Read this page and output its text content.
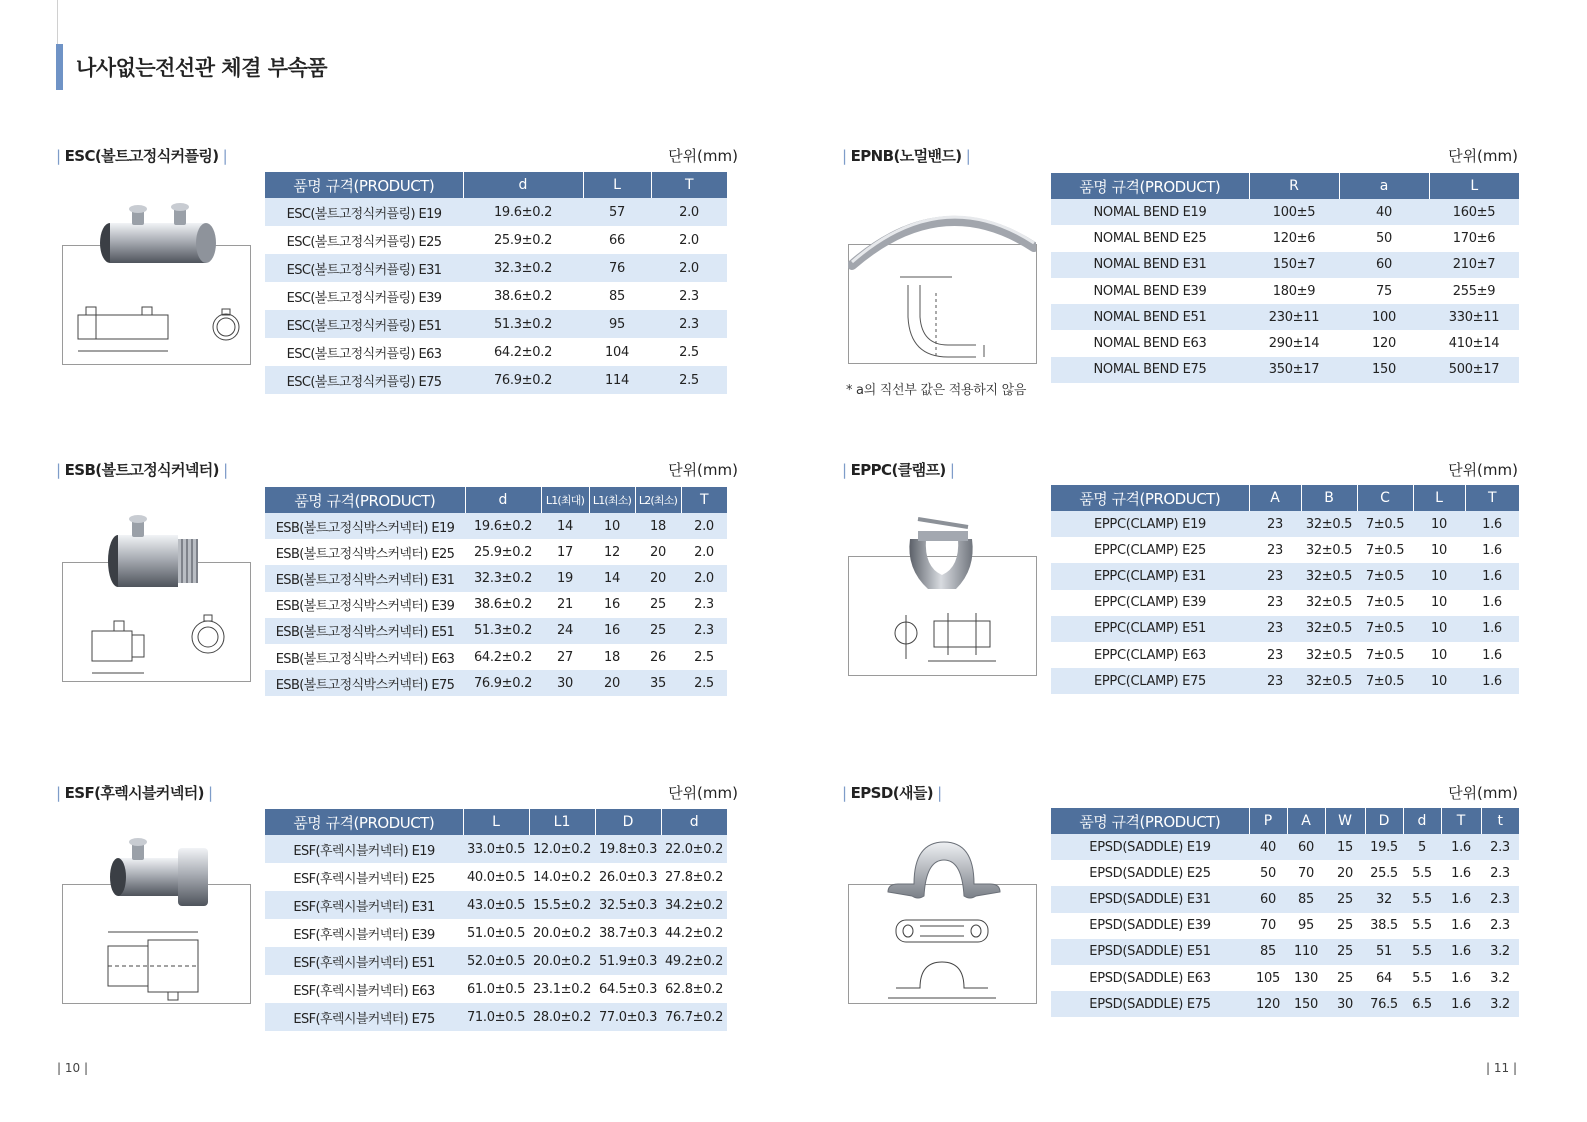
나사없는전선관 체결 부속품
| ESC(볼트고정식커플링) |	단위(mm)
품명 규격(PRODUCT)	d	L	T
ESC(볼트고정식커플링) E19	19.6±0.2	57	2.0
ESC(볼트고정식커플링) E25	25.9±0.2	66	2.0
ESC(볼트고정식커플링) E31	32.3±0.2	76	2.0
ESC(볼트고정식커플링) E39	38.6±0.2	85	2.3
ESC(볼트고정식커플링) E51	51.3±0.2	95	2.3
ESC(볼트고정식커플링) E63	64.2±0.2	104	2.5
ESC(볼트고정식커플링) E75	76.9±0.2	114	2.5
| EPNB(노멀밴드) |	단위(mm)
* a의 직선부 값은 적용하지 않음
품명 규격(PRODUCT)	R	a	L
NOMAL BEND E19	100±5	40	160±5
NOMAL BEND E25	120±6	50	170±6
NOMAL BEND E31	150±7	60	210±7
NOMAL BEND E39	180±9	75	255±9
NOMAL BEND E51	230±11	100	330±11
NOMAL BEND E63	290±14	120	410±14
NOMAL BEND E75	350±17	150	500±17
| ESB(볼트고정식커넥터) |	단위(mm)
품명 규격(PRODUCT)	d	L1(최대)	L1(최소)	L2(최소)	T
ESB(볼트고정식박스커넥터) E19	19.6±0.2	14	10	18	2.0
ESB(볼트고정식박스커넥터) E25	25.9±0.2	17	12	20	2.0
ESB(볼트고정식박스커넥터) E31	32.3±0.2	19	14	20	2.0
ESB(볼트고정식박스커넥터) E39	38.6±0.2	21	16	25	2.3
ESB(볼트고정식박스커넥터) E51	51.3±0.2	24	16	25	2.3
ESB(볼트고정식박스커넥터) E63	64.2±0.2	27	18	26	2.5
ESB(볼트고정식박스커넥터) E75	76.9±0.2	30	20	35	2.5
| EPPC(클램프) |	단위(mm)
품명 규격(PRODUCT)	A	B	C	L	T
EPPC(CLAMP) E19	23	32±0.5	7±0.5	10	1.6
EPPC(CLAMP) E25	23	32±0.5	7±0.5	10	1.6
EPPC(CLAMP) E31	23	32±0.5	7±0.5	10	1.6
EPPC(CLAMP) E39	23	32±0.5	7±0.5	10	1.6
EPPC(CLAMP) E51	23	32±0.5	7±0.5	10	1.6
EPPC(CLAMP) E63	23	32±0.5	7±0.5	10	1.6
EPPC(CLAMP) E75	23	32±0.5	7±0.5	10	1.6
| ESF(후렉시블커넥터) |	단위(mm)
품명 규격(PRODUCT)	L	L1	D	d
ESF(후렉시블커넥터) E19	33.0±0.5	12.0±0.2	19.8±0.3	22.0±0.2
ESF(후렉시블커넥터) E25	40.0±0.5	14.0±0.2	26.0±0.3	27.8±0.2
ESF(후렉시블커넥터) E31	43.0±0.5	15.5±0.2	32.5±0.3	34.2±0.2
ESF(후렉시블커넥터) E39	51.0±0.5	20.0±0.2	38.7±0.3	44.2±0.2
ESF(후렉시블커넥터) E51	52.0±0.5	20.0±0.2	51.9±0.3	49.2±0.2
ESF(후렉시블커넥터) E63	61.0±0.5	23.1±0.2	64.5±0.3	62.8±0.2
ESF(후렉시블커넥터) E75	71.0±0.5	28.0±0.2	77.0±0.3	76.7±0.2
| EPSD(새들) |	단위(mm)
품명 규격(PRODUCT)	P	A	W	D	d	T	t
EPSD(SADDLE) E19	40	60	15	19.5	5	1.6	2.3
EPSD(SADDLE) E25	50	70	20	25.5	5.5	1.6	2.3
EPSD(SADDLE) E31	60	85	25	32	5.5	1.6	2.3
EPSD(SADDLE) E39	70	95	25	38.5	5.5	1.6	2.3
EPSD(SADDLE) E51	85	110	25	51	5.5	1.6	3.2
EPSD(SADDLE) E63	105	130	25	64	5.5	1.6	3.2
EPSD(SADDLE) E75	120	150	30	76.5	6.5	1.6	3.2
| 10 |	| 11 |
